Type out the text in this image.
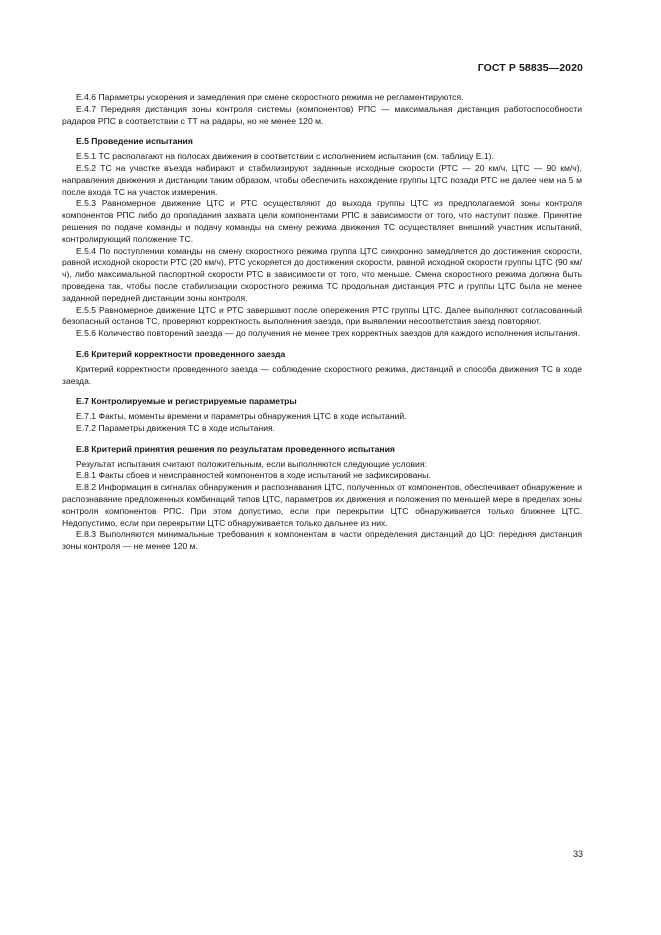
ГОСТ Р 58835—2020

Е.4.6 Параметры ускорения и замедления при смене скоростного режима не регламентируются.

Е.4.7 Передняя дистанция зоны контроля системы (компонентов) РПС — максимальная дистанция работоспособности радаров РПС в соответствии с ТТ на радары, но не менее 120 м.

Е.5 Проведение испытания

Е.5.1 ТС располагают на полосах движения в соответствии с исполнением испытания (см. таблицу Е.1).

Е.5.2 ТС на участке въезда набирают и стабилизируют заданные исходные скорости (РТС — 20 км/ч, ЦТС — 90 км/ч), направления движения и дистанции таким образом, чтобы обеспечить нахождение группы ЦТС позади РТС не далее чем на 5 м после входа ТС на участок измерения.

Е.5.3 Равномерное движение ЦТС и РТС осуществляют до выхода группы ЦТС из предполагаемой зоны контроля компонентов РПС либо до пропадания захвата цели компонентами РПС в зависимости от того, что наступит позже. Принятие решения по подаче команды и подачу команды на смену режима движения ТС осуществляет внешний участник испытаний, контролирующий положение ТС.

Е.5.4 По поступлении команды на смену скоростного режима группа ЦТС синхронно замедляется до достижения скорости, равной исходной скорости РТС (20 км/ч), РТС ускоряется до достижения скорости, равной исходной скорости группы ЦТС (90 км/ч), либо максимальной паспортной скорости РТС в зависимости от того, что меньше. Смена скоростного режима должна быть проведена так, чтобы после стабилизации скоростного режима ТС продольная дистанция РТС и группы ЦТС была не менее заданной передней дистанции зоны контроля.

Е.5.5 Равномерное движение ЦТС и РТС завершают после опережения РТС группы ЦТС. Далее выполняют согласованный безопасный останов ТС, проверяют корректность выполнения заезда, при выявлении несоответствия заезд повторяют.

Е.5.6 Количество повторений заезда — до получения не менее трех корректных заездов для каждого исполнения испытания.

Е.6 Критерий корректности проведенного заезда

Критерий корректности проведенного заезда — соблюдение скоростного режима, дистанций и способа движения ТС в ходе заезда.

Е.7 Контролируемые и регистрируемые параметры

Е.7.1 Факты, моменты времени и параметры обнаружения ЦТС в ходе испытаний.

Е.7.2 Параметры движения ТС в ходе испытания.

Е.8 Критерий принятия решения по результатам проведенного испытания

Результат испытания считают положительным, если выполняются следующие условия:

Е.8.1 Факты сбоев и неисправностей компонентов в ходе испытаний не зафиксированы.

Е.8.2 Информация в сигналах обнаружения и распознавания ЦТС, полученных от компонентов, обеспечивает обнаружение и распознавание предложенных комбинаций типов ЦТС, параметров их движения и положения по меньшей мере в пределах зоны контроля компонентов РПС. При этом допустимо, если при перекрытии ЦТС обнаруживается только ближнее ЦТС. Недопустимо, если при перекрытии ЦТС обнаруживается только дальнее из них.

Е.8.3 Выполняются минимальные требования к компонентам в части определения дистанций до ЦО: передняя дистанция зоны контроля — не менее 120 м.

33
